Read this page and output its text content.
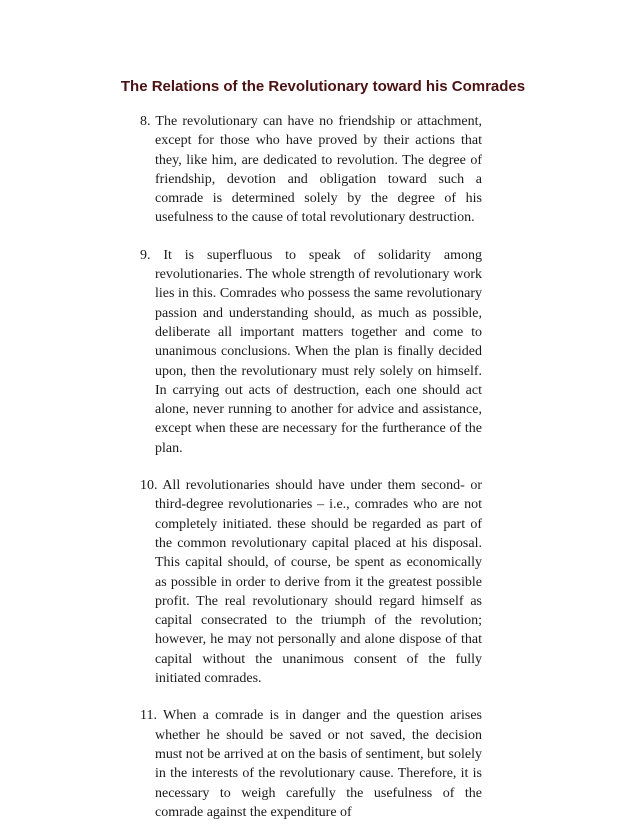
The Relations of the Revolutionary toward his Comrades
8. The revolutionary can have no friendship or attachment, except for those who have proved by their actions that they, like him, are dedicated to revolution. The degree of friendship, devotion and obligation toward such a comrade is determined solely by the degree of his usefulness to the cause of total revolutionary destruction.
9. It is superfluous to speak of solidarity among revolutionaries. The whole strength of revolutionary work lies in this. Comrades who possess the same revolutionary passion and understanding should, as much as possible, deliberate all important matters together and come to unanimous conclusions. When the plan is finally decided upon, then the revolutionary must rely solely on himself. In carrying out acts of destruction, each one should act alone, never running to another for advice and assistance, except when these are necessary for the furtherance of the plan.
10. All revolutionaries should have under them second- or third-degree revolutionaries – i.e., comrades who are not completely initiated. these should be regarded as part of the common revolutionary capital placed at his disposal. This capital should, of course, be spent as economically as possible in order to derive from it the greatest possible profit. The real revolutionary should regard himself as capital consecrated to the triumph of the revolution; however, he may not personally and alone dispose of that capital without the unanimous consent of the fully initiated comrades.
11. When a comrade is in danger and the question arises whether he should be saved or not saved, the decision must not be arrived at on the basis of sentiment, but solely in the interests of the revolutionary cause. Therefore, it is necessary to weigh carefully the usefulness of the comrade against the expenditure of
